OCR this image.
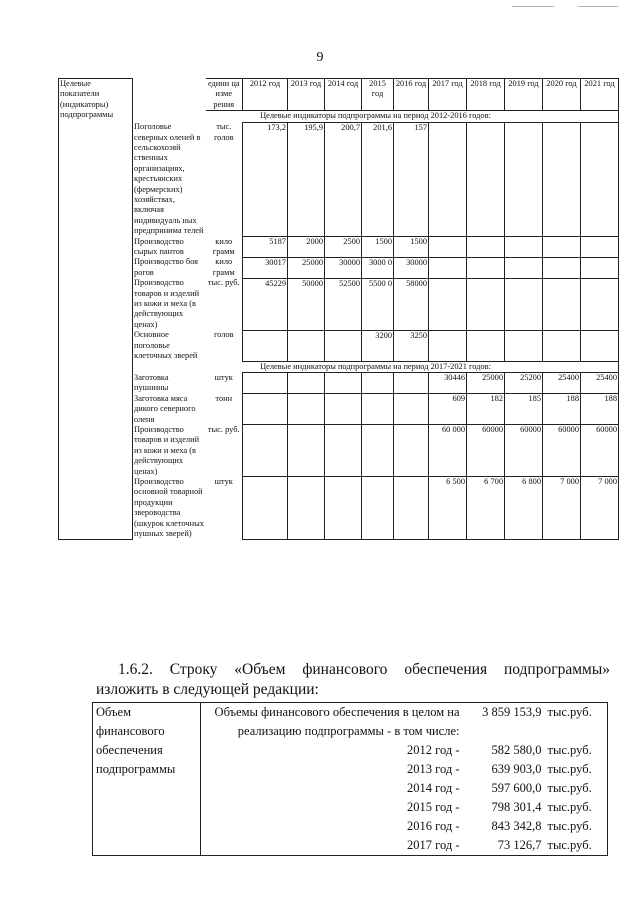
9
Целевые показатели (индикаторы) подпрограммы		едини ца изме рения	2012 год	2013 год	2014 год	2015 год	2016 год	2017 год	2018 год	2019 год	2020 год	2021 год
	Целевые индикаторы подпрограммы на период 2012-2016 годов:											
	Поголовье северных оленей в сельскохозяй ственных организациях, крестьянских (фермерских) хозяйствах, включая индивидуаль ных предпринима телей	тыс. голов	173,2	195,9	200,7	201,6	157					
	Производство сырых пантов	кило грамм	5187	2000	2500	1500	1500					
	Производство боя рогов	кило грамм	30017	25000	30000	3000 0	30000					
	Производство товаров и изделий из кожи и меха (в действующих ценах)	тыс. руб.	45229	50000	52500	5500 0	58000					
	Основное поголовье клеточных зверей	голов				3200	3250					
	Целевые индикаторы подпрограммы на период 2017-2021 годов:											
	Заготовка пушнины	штук						30446	25000	25200	25400	25400
	Заготовка мяса дикого северного оленя	тонн						609	182	185	188	188
	Производство товаров и изделий из кожи и меха (в действующих ценах)	тыс. руб.						60 000	60000	60000	60000	60000
	Производство основной товарной продукции звероводства (шкурок клеточных пушных зверей)	штук						6 500	6 700	6 800	7 000	7 000
1.6.2. Строку «Объем финансового обеспечения подпрограммы»
изложить в следующей редакции:
Объем финансового обеспечения подпрограммы	Объемы финансового обеспечения в целом на реализацию подпрограммы - в том числе:	3 859 153,9	тыс.руб.
	2012 год -	582 580,0	тыс.руб.
	2013 год -	639 903,0	тыс.руб.
	2014 год -	597 600,0	тыс.руб.
	2015 год -	798 301,4	тыс.руб.
	2016 год -	843 342,8	тыс.руб.
	2017 год -	73 126,7	тыс.руб.
